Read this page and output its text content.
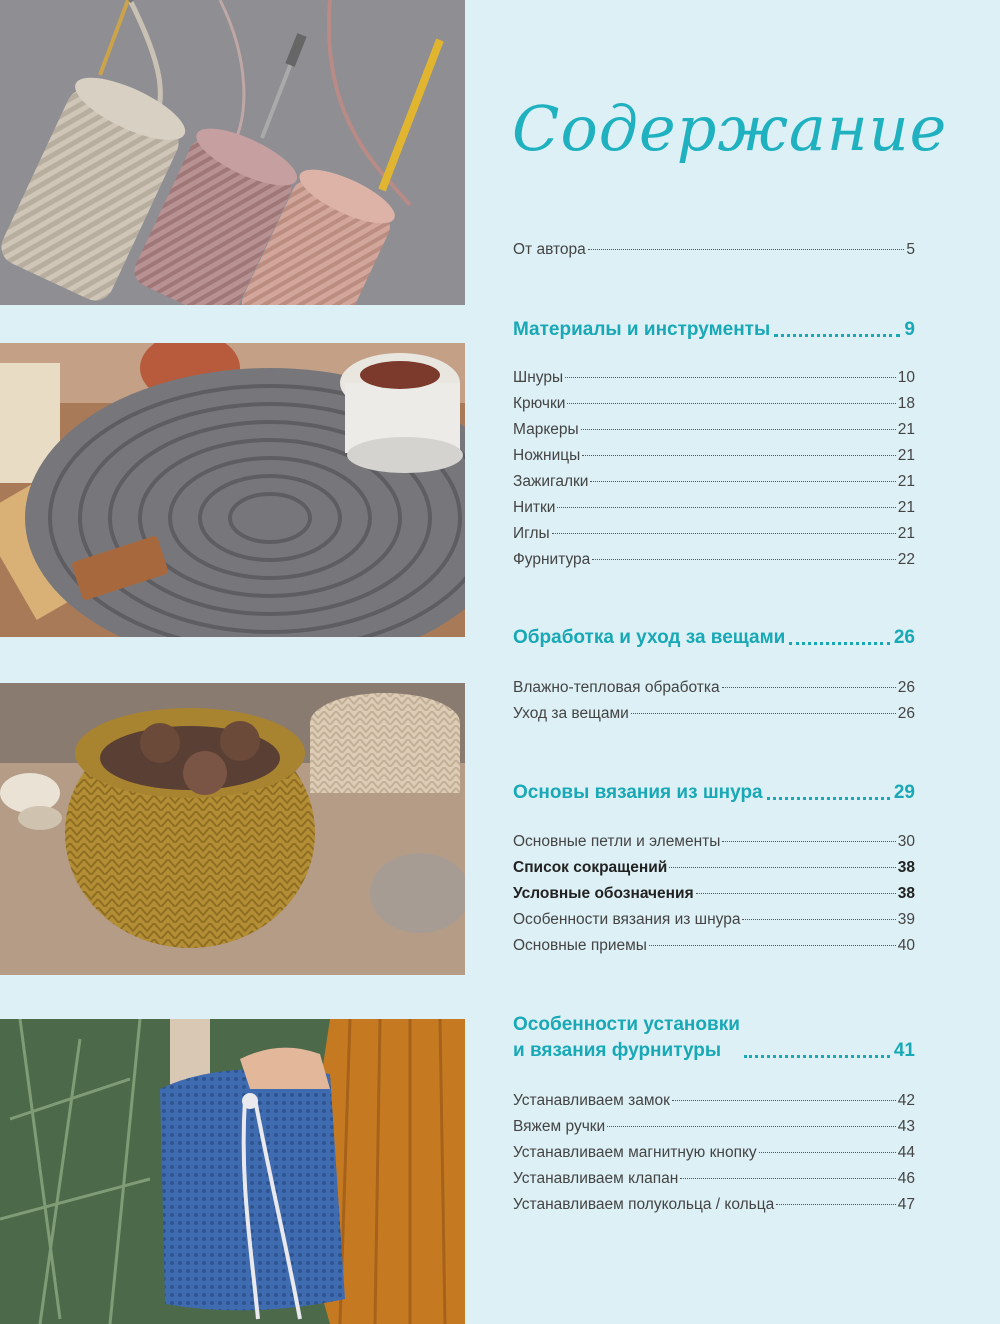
Содержание
От автора	5
Материалы и инструменты	9
Шнуры	10
Крючки	18
Маркеры	21
Ножницы	21
Зажигалки	21
Нитки	21
Иглы	21
Фурнитура	22
Обработка и уход за вещами	26
Влажно-тепловая обработка	26
Уход за вещами	26
Основы вязания из шнура	29
Основные петли и элементы	30
Список сокращений	38
Условные обозначения	38
Особенности вязания из шнура	39
Основные приемы	40
Особенности установки
и вязания фурнитуры	41
Устанавливаем замок	42
Вяжем ручки	43
Устанавливаем магнитную кнопку	44
Устанавливаем клапан	46
Устанавливаем полукольца / кольца	47
